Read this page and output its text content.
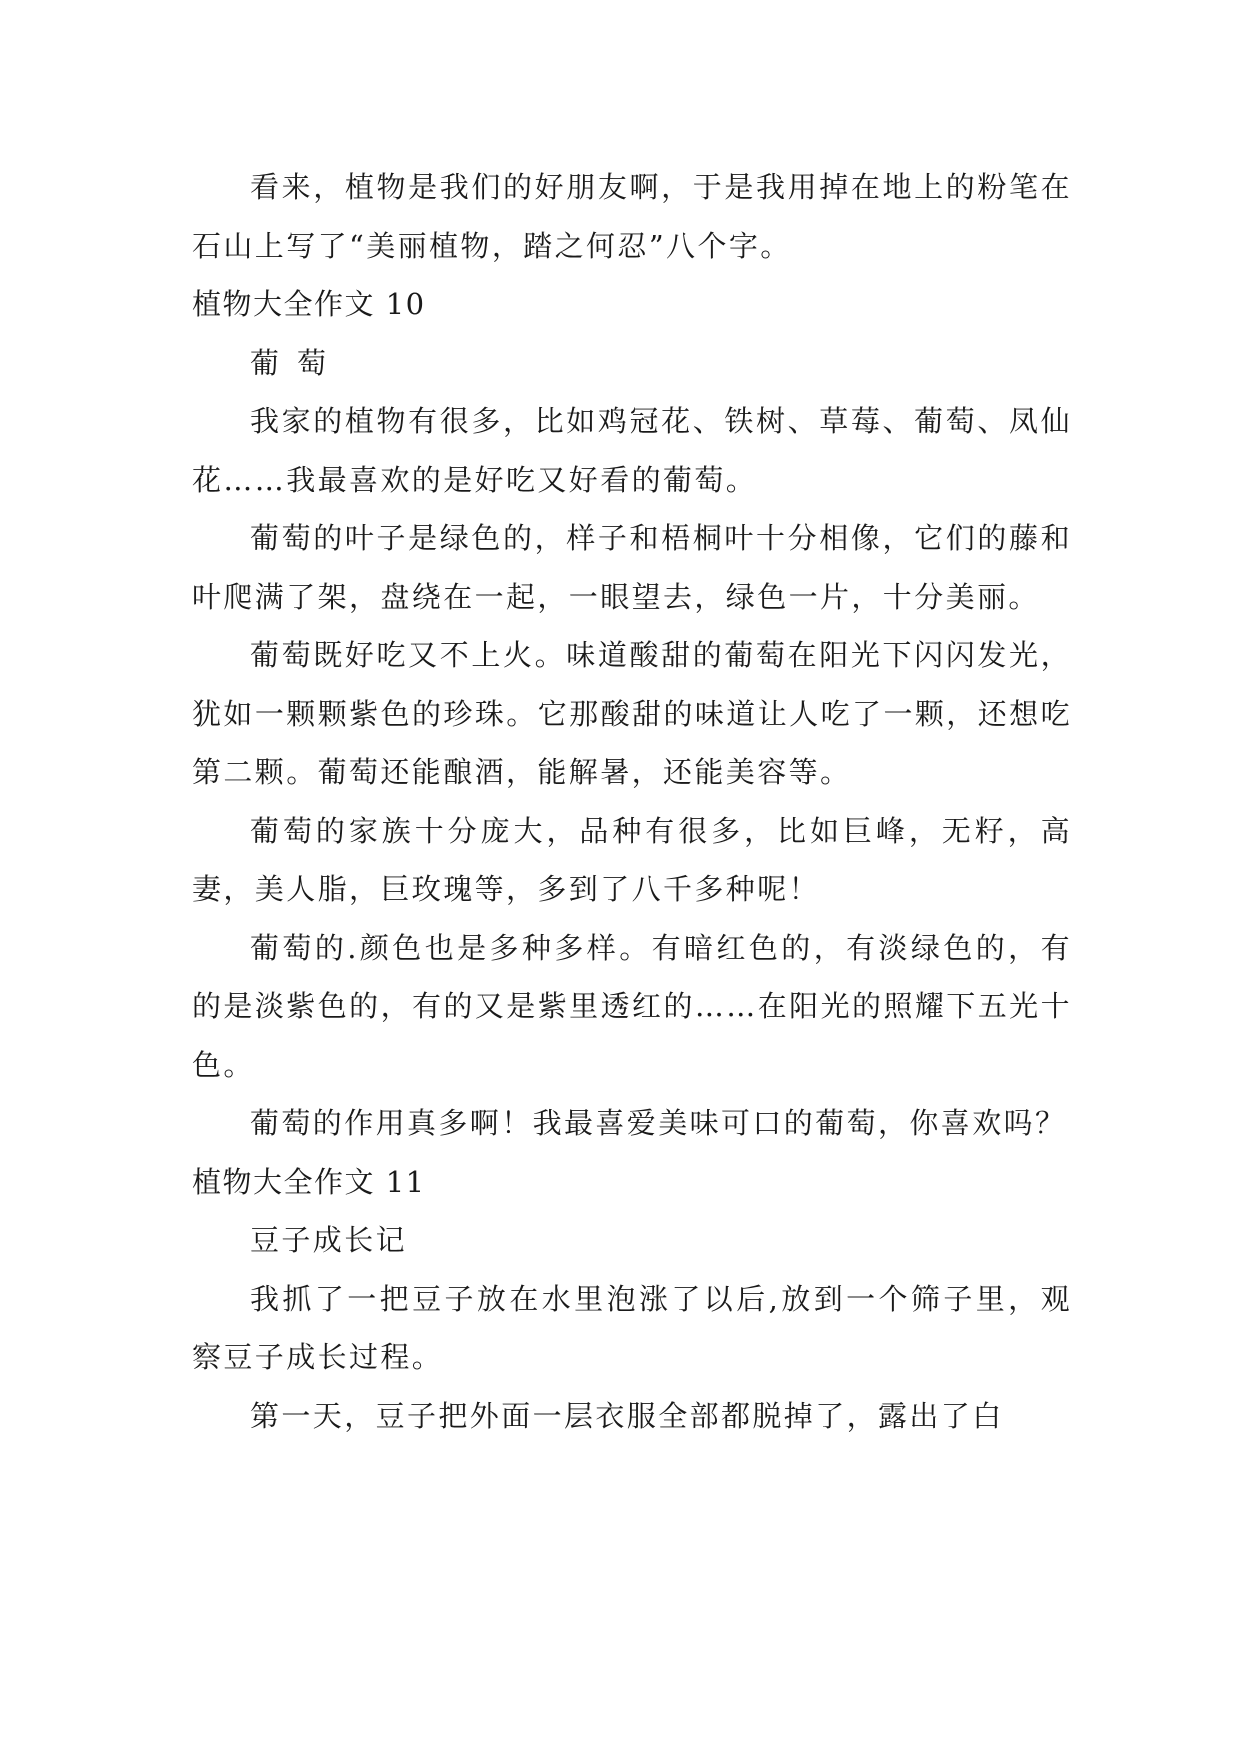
看来，植物是我们的好朋友啊，于是我用掉在地上的粉笔在石山上写了“美丽植物，踏之何忍”八个字。

植物大全作文 10

葡萄

我家的植物有很多，比如鸡冠花、铁树、草莓、葡萄、凤仙花……我最喜欢的是好吃又好看的葡萄。

葡萄的叶子是绿色的，样子和梧桐叶十分相像，它们的藤和叶爬满了架，盘绕在一起，一眼望去，绿色一片，十分美丽。

葡萄既好吃又不上火。味道酸甜的葡萄在阳光下闪闪发光，犹如一颗颗紫色的珍珠。它那酸甜的味道让人吃了一颗，还想吃第二颗。葡萄还能酿酒，能解暑，还能美容等。

葡萄的家族十分庞大，品种有很多，比如巨峰，无籽，高妻，美人脂，巨玫瑰等，多到了八千多种呢！

葡萄的.颜色也是多种多样。有暗红色的，有淡绿色的，有的是淡紫色的，有的又是紫里透红的……在阳光的照耀下五光十色。

葡萄的作用真多啊！我最喜爱美味可口的葡萄，你喜欢吗？

植物大全作文 11

豆子成长记

我抓了一把豆子放在水里泡涨了以后,放到一个筛子里，观察豆子成长过程。

第一天，豆子把外面一层衣服全部都脱掉了，露出了白
